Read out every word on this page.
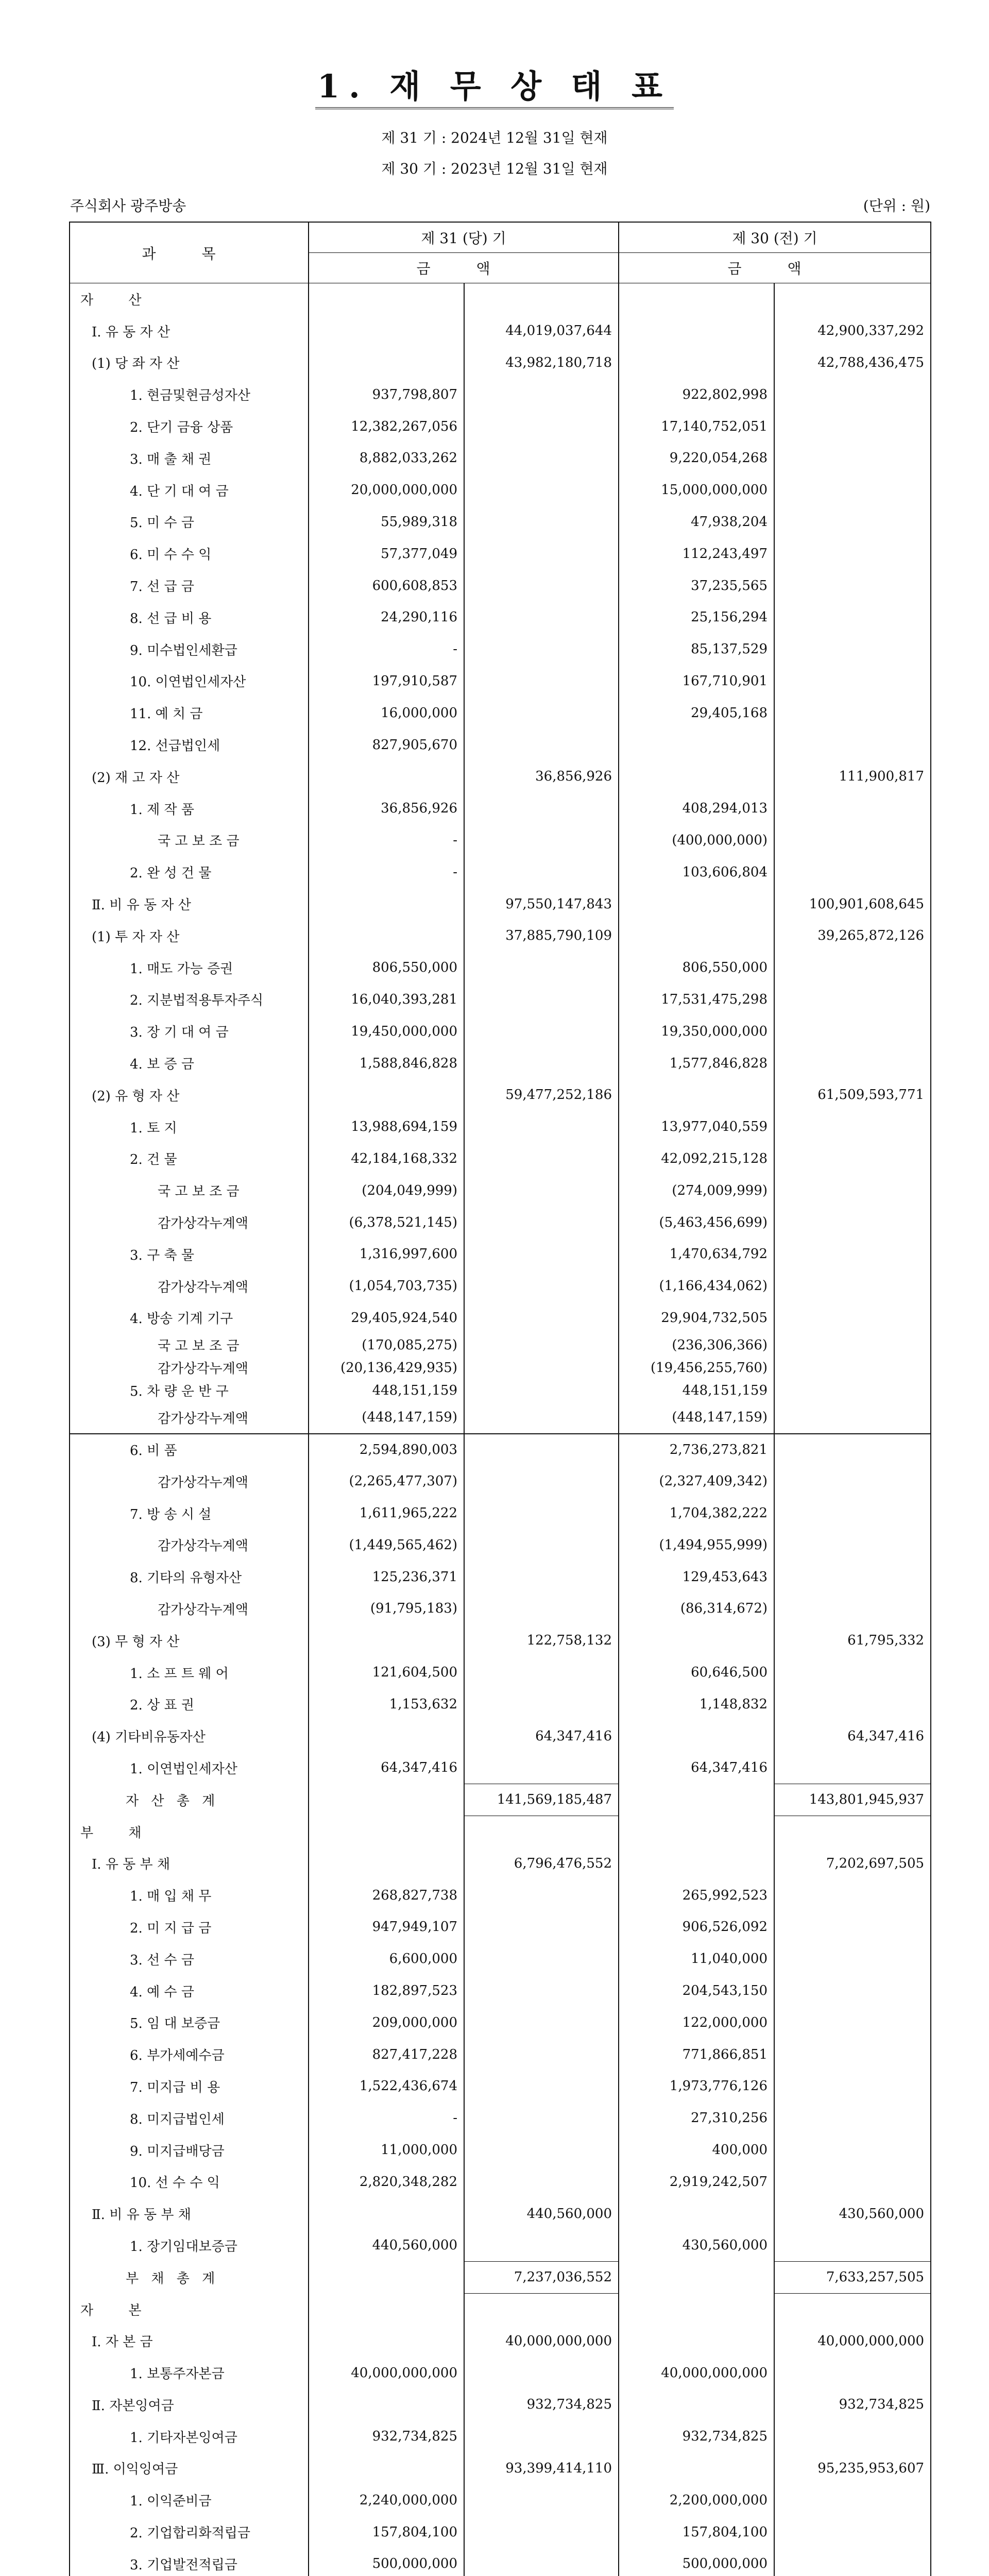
1. 재 무 상 태 표
제 31 기 : 2024년 12월 31일 현재
제 30 기 : 2023년 12월 31일 현재
주식회사 광주방송	(단위 : 원)
과 목	제 31 (당) 기		제 30 (전) 기	
	금 액		금 액	
자 산				
Ⅰ. 유 동 자 산		44,019,037,644		42,900,337,292
(1) 당 좌 자 산		43,982,180,718		42,788,436,475
1. 현금및현금성자산	937,798,807		922,802,998	
2. 단기 금융 상품	12,382,267,056		17,140,752,051	
3. 매 출 채 권	8,882,033,262		9,220,054,268	
4. 단 기 대 여 금	20,000,000,000		15,000,000,000	
5. 미 수 금	55,989,318		47,938,204	
6. 미 수 수 익	57,377,049		112,243,497	
7. 선 급 금	600,608,853		37,235,565	
8. 선 급 비 용	24,290,116		25,156,294	
9. 미수법인세환급	-		85,137,529	
10. 이연법인세자산	197,910,587		167,710,901	
11. 예 치 금	16,000,000		29,405,168	
12. 선급법인세	827,905,670			
(2) 재 고 자 산		36,856,926		111,900,817
1. 제 작 품	36,856,926		408,294,013	
국 고 보 조 금	-		(400,000,000)	
2. 완 성 건 물	-		103,606,804	
Ⅱ. 비 유 동 자 산		97,550,147,843		100,901,608,645
(1) 투 자 자 산		37,885,790,109		39,265,872,126
1. 매도 가능 증권	806,550,000		806,550,000	
2. 지분법적용투자주식	16,040,393,281		17,531,475,298	
3. 장 기 대 여 금	19,450,000,000		19,350,000,000	
4. 보 증 금	1,588,846,828		1,577,846,828	
(2) 유 형 자 산		59,477,252,186		61,509,593,771
1. 토 지	13,988,694,159		13,977,040,559	
2. 건 물	42,184,168,332		42,092,215,128	
국 고 보 조 금	(204,049,999)		(274,009,999)	
감가상각누계액	(6,378,521,145)		(5,463,456,699)	
3. 구 축 물	1,316,997,600		1,470,634,792	
감가상각누계액	(1,054,703,735)		(1,166,434,062)	
4. 방송 기계 기구	29,405,924,540		29,904,732,505	
국 고 보 조 금	(170,085,275)		(236,306,366)	
감가상각누계액	(20,136,429,935)		(19,456,255,760)	
5. 차 량 운 반 구	448,151,159		448,151,159	
감가상각누계액	(448,147,159)		(448,147,159)	
6. 비 품	2,594,890,003		2,736,273,821	
감가상각누계액	(2,265,477,307)		(2,327,409,342)	
7. 방 송 시 설	1,611,965,222		1,704,382,222	
감가상각누계액	(1,449,565,462)		(1,494,955,999)	
8. 기타의 유형자산	125,236,371		129,453,643	
감가상각누계액	(91,795,183)		(86,314,672)	
(3) 무 형 자 산		122,758,132		61,795,332
1. 소 프 트 웨 어	121,604,500		60,646,500	
2. 상 표 권	1,153,632		1,148,832	
(4) 기타비유동자산		64,347,416		64,347,416
1. 이연법인세자산	64,347,416		64,347,416	
자 산 총 계		141,569,185,487		143,801,945,937
부 채				
Ⅰ. 유 동 부 채		6,796,476,552		7,202,697,505
1. 매 입 채 무	268,827,738		265,992,523	
2. 미 지 급 금	947,949,107		906,526,092	
3. 선 수 금	6,600,000		11,040,000	
4. 예 수 금	182,897,523		204,543,150	
5. 임 대 보증금	209,000,000		122,000,000	
6. 부가세예수금	827,417,228		771,866,851	
7. 미지급 비 용	1,522,436,674		1,973,776,126	
8. 미지급법인세	-		27,310,256	
9. 미지급배당금	11,000,000		400,000	
10. 선 수 수 익	2,820,348,282		2,919,242,507	
Ⅱ. 비 유 동 부 채		440,560,000		430,560,000
1. 장기임대보증금	440,560,000		430,560,000	
부 채 총 계		7,237,036,552		7,633,257,505
자 본				
Ⅰ. 자 본 금		40,000,000,000		40,000,000,000
1. 보통주자본금	40,000,000,000		40,000,000,000	
Ⅱ. 자본잉여금		932,734,825		932,734,825
1. 기타자본잉여금	932,734,825		932,734,825	
Ⅲ. 이익잉여금		93,399,414,110		95,235,953,607
1. 이익준비금	2,240,000,000		2,200,000,000	
2. 기업합리화적립금	157,804,100		157,804,100	
3. 기업발전적립금	500,000,000		500,000,000	
